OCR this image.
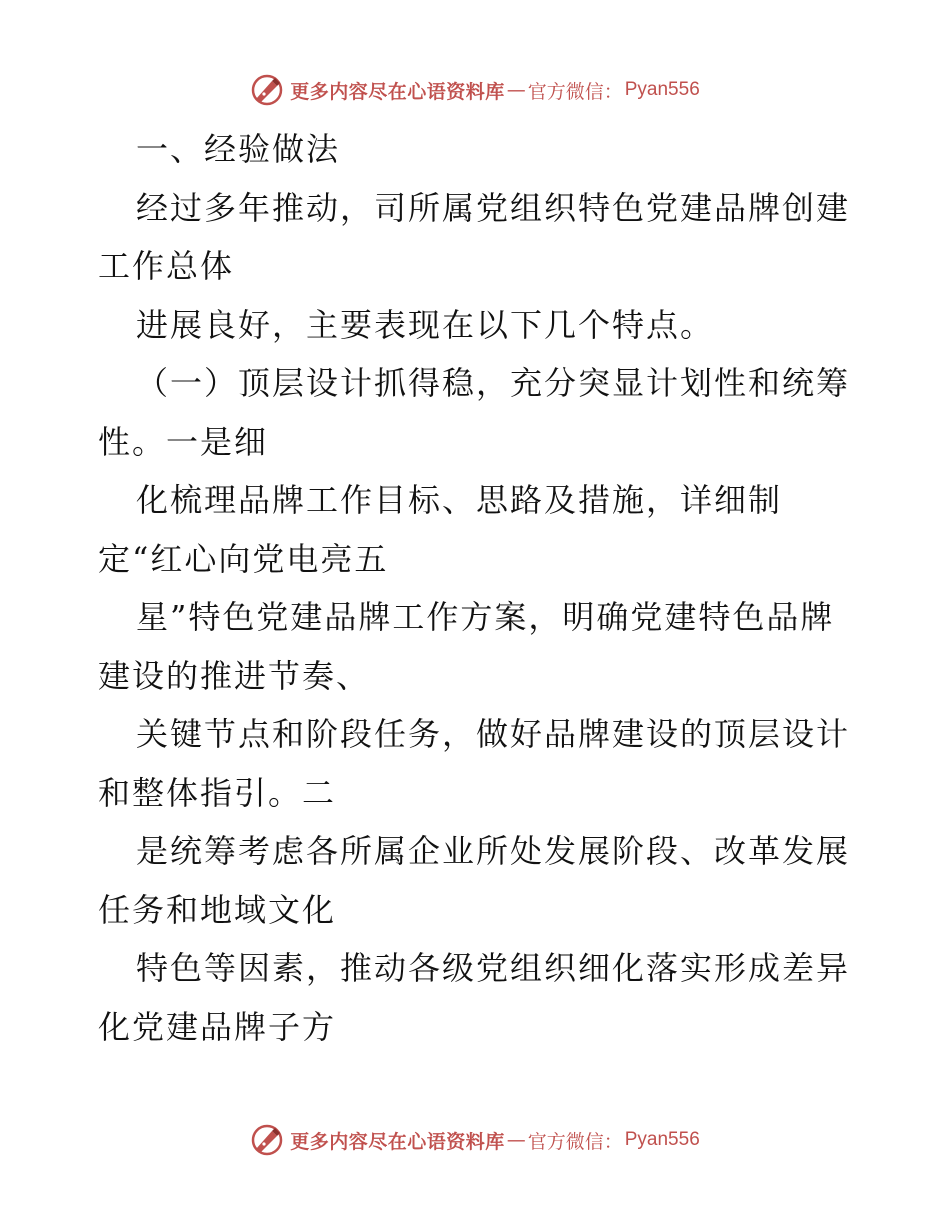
更多内容尽在心语资料库 — 官方微信： Pyan556
一、经验做法
经过多年推动，司所属党组织特色党建品牌创建
工作总体
进展良好，主要表现在以下几个特点。
（一）顶层设计抓得稳，充分突显计划性和统筹
性。一是细
化梳理品牌工作目标、思路及措施，详细制
定“红心向党电亮五
星”特色党建品牌工作方案，明确党建特色品牌
建设的推进节奏、
关键节点和阶段任务，做好品牌建设的顶层设计
和整体指引。二
是统筹考虑各所属企业所处发展阶段、改革发展
任务和地域文化
特色等因素，推动各级党组织细化落实形成差异
化党建品牌子方
更多内容尽在心语资料库 — 官方微信： Pyan556
